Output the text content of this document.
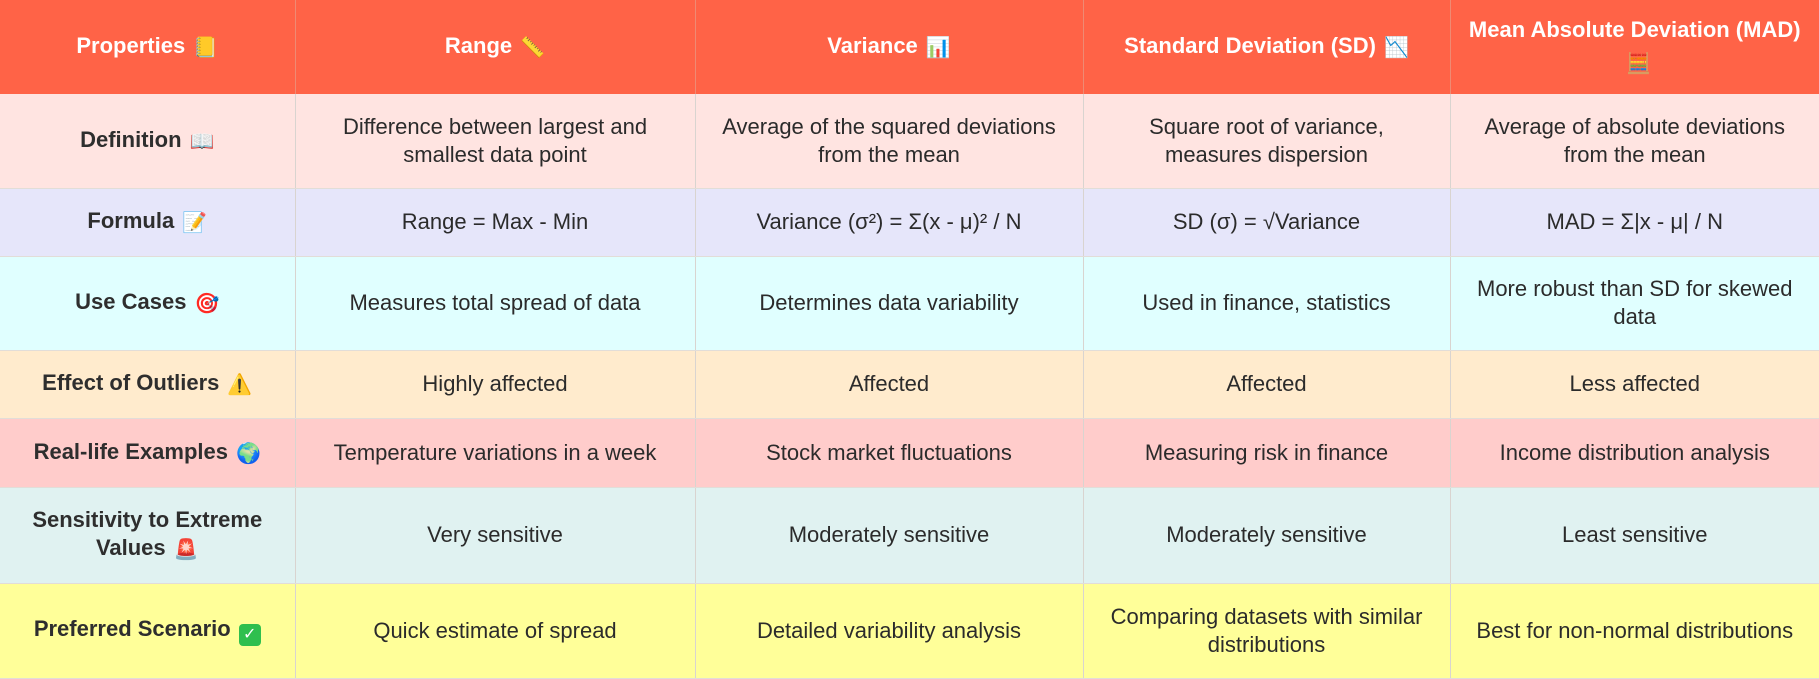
Properties 📒	Range 📏	Variance 📊	Standard Deviation (SD) 📉	Mean Absolute Deviation (MAD)🧮
Definition 📖	Difference between largest and smallest data point	Average of the squared deviations from the mean	Square root of variance, measures dispersion	Average of absolute deviations from the mean
Formula 📝	Range = Max - Min	Variance (σ²) = Σ(x - μ)² / N	SD (σ) = √Variance	MAD = Σ|x - μ| / N
Use Cases 🎯	Measures total spread of data	Determines data variability	Used in finance, statistics	More robust than SD for skewed data
Effect of Outliers ⚠️	Highly affected	Affected	Affected	Less affected
Real-life Examples 🌍	Temperature variations in a week	Stock market fluctuations	Measuring risk in finance	Income distribution analysis
Sensitivity to Extreme Values 🚨	Very sensitive	Moderately sensitive	Moderately sensitive	Least sensitive
Preferred Scenario ✓	Quick estimate of spread	Detailed variability analysis	Comparing datasets with similar distributions	Best for non-normal distributions
